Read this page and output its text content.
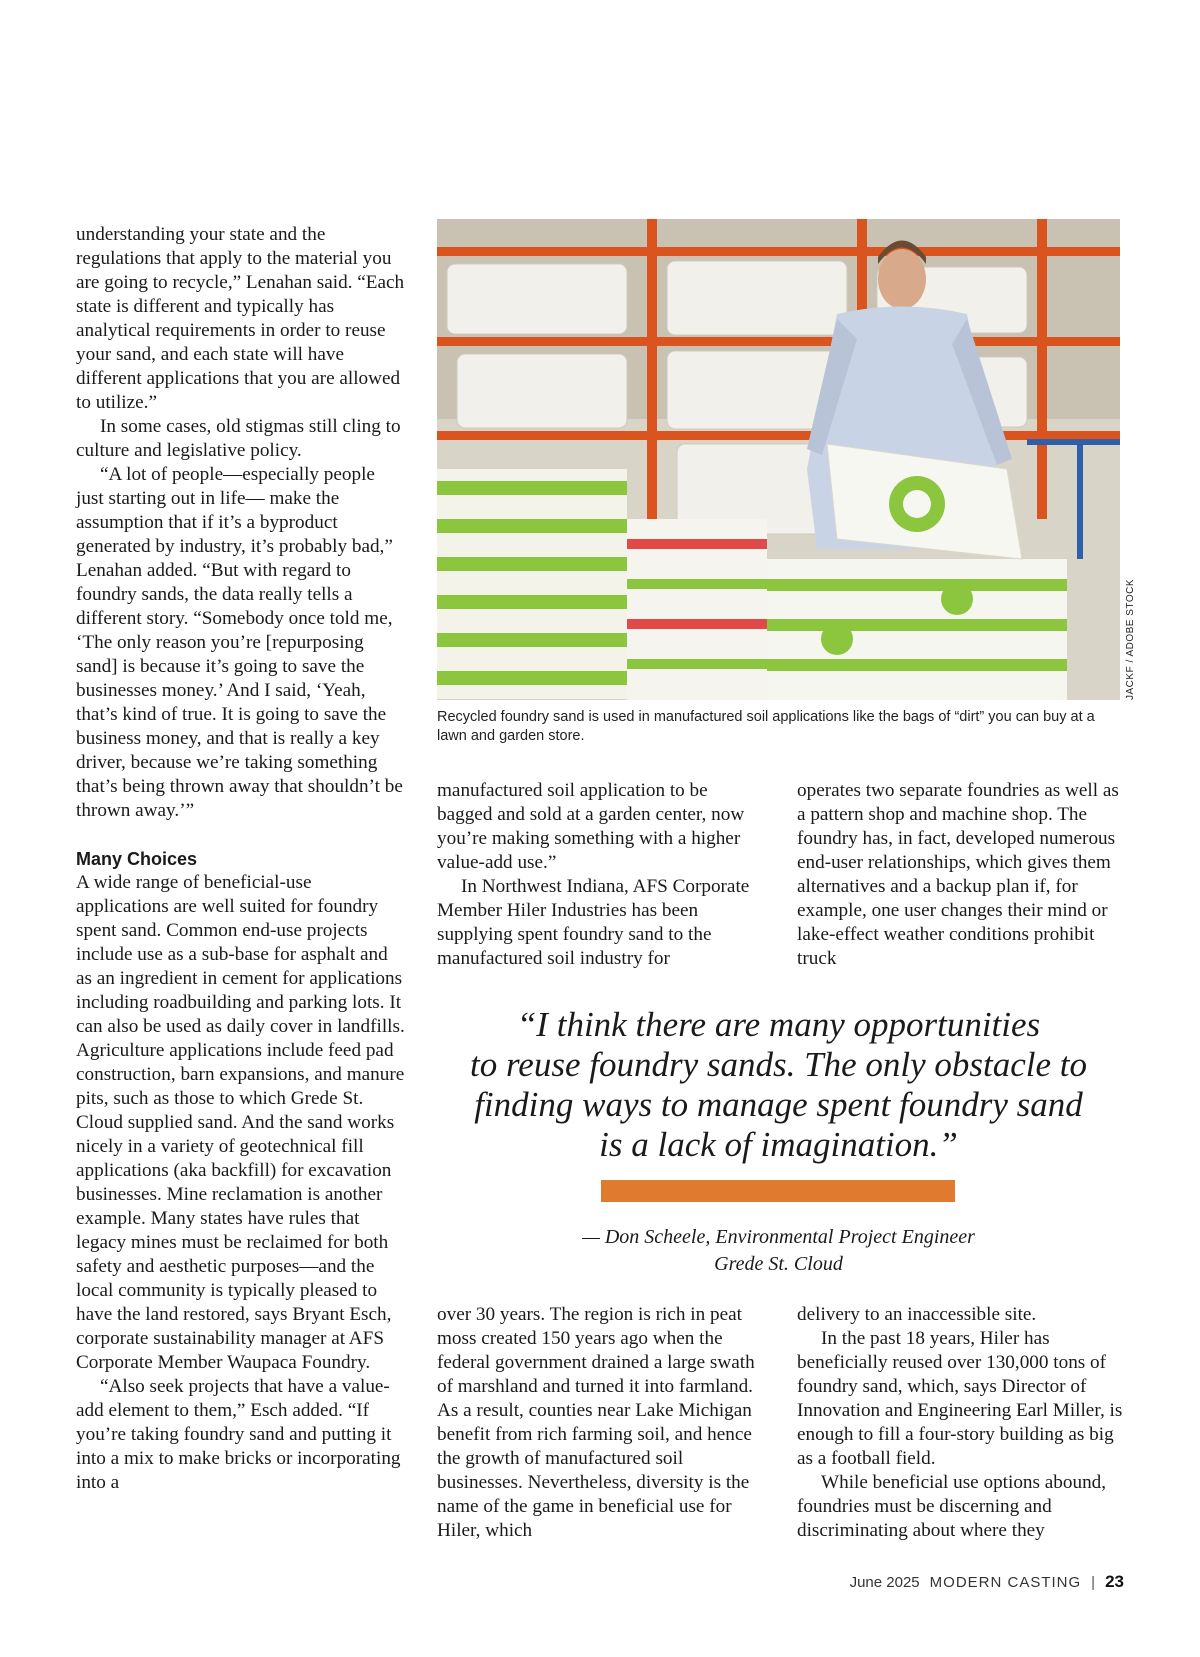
understanding your state and the regulations that apply to the material you are going to recycle,” Lenahan said. “Each state is different and typically has analytical requirements in order to reuse your sand, and each state will have different applications that you are allowed to utilize.”

In some cases, old stigmas still cling to culture and legislative policy.

“A lot of people—especially people just starting out in life— make the assumption that if it’s a byproduct generated by industry, it’s probably bad,” Lenahan added. “But with regard to foundry sands, the data really tells a different story. “Somebody once told me, ‘The only reason you’re [repurposing sand] is because it’s going to save the businesses money.’ And I said, ‘Yeah, that’s kind of true. It is going to save the business money, and that is really a key driver, because we’re taking something that’s being thrown away that shouldn’t be thrown away.’”

Many Choices

A wide range of beneficial-use applications are well suited for foundry spent sand. Common end-use projects include use as a sub-base for asphalt and as an ingredient in cement for applications including roadbuilding and parking lots. It can also be used as daily cover in landfills. Agriculture applications include feed pad construction, barn expansions, and manure pits, such as those to which Grede St. Cloud supplied sand. And the sand works nicely in a variety of geotechnical fill applications (aka backfill) for excavation businesses. Mine reclamation is another example. Many states have rules that legacy mines must be reclaimed for both safety and aesthetic purposes—and the local community is typically pleased to have the land restored, says Bryant Esch, corporate sustainability manager at AFS Corporate Member Waupaca Foundry.

“Also seek projects that have a value-add element to them,” Esch added. “If you’re taking foundry sand and putting it into a mix to make bricks or incorporating into a

JACKF / ADOBE STOCK
Recycled foundry sand is used in manufactured soil applications like the bags of “dirt” you can buy at a lawn and garden store.

manufactured soil application to be bagged and sold at a garden center, now you’re making something with a higher value-add use.”

In Northwest Indiana, AFS Corporate Member Hiler Industries has been supplying spent foundry sand to the manufactured soil industry for

operates two separate foundries as well as a pattern shop and machine shop. The foundry has, in fact, developed numerous end-user relationships, which gives them alternatives and a backup plan if, for example, one user changes their mind or lake-effect weather conditions prohibit truck

“I think there are many opportunities
to reuse foundry sands. The only obstacle to
finding ways to manage spent foundry sand
is a lack of imagination.”
— Don Scheele, Environmental Project Engineer
Grede St. Cloud

over 30 years. The region is rich in peat moss created 150 years ago when the federal government drained a large swath of marshland and turned it into farmland. As a result, counties near Lake Michigan benefit from rich farming soil, and hence the growth of manufactured soil businesses. Nevertheless, diversity is the name of the game in beneficial use for Hiler, which

delivery to an inaccessible site.

In the past 18 years, Hiler has beneficially reused over 130,000 tons of foundry sand, which, says Director of Innovation and Engineering Earl Miller, is enough to fill a four-story building as big as a football field.

While beneficial use options abound, foundries must be discerning and discriminating about where they

June 2025 MODERN CASTING | 23
